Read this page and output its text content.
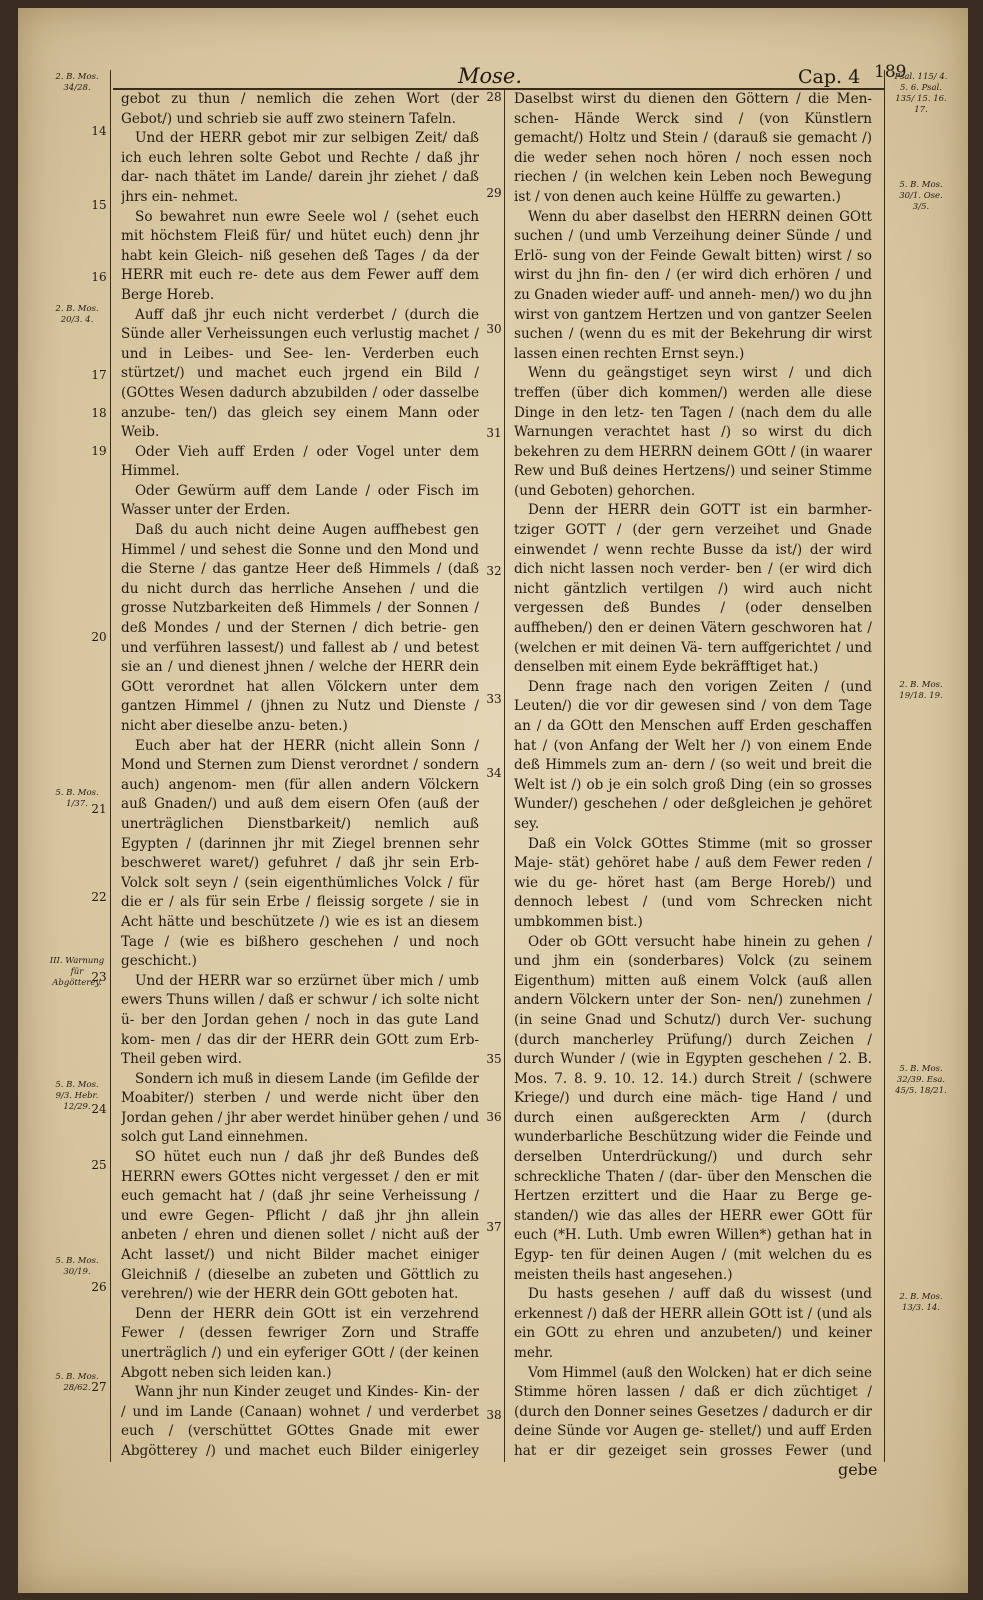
Mose.	Cap. 4 189
2. B. Mos. 34/28.
2. B. Mos. 20/3. 4.
5. B. Mos. 1/37.
III. Warnung für Abgötterey.
5. B. Mos. 9/3. Hebr. 12/29.
5. B. Mos. 30/19.
5. B. Mos. 28/62.
Psal. 115/ 4. 5. 6. Psal. 135/ 15. 16. 17.
5. B. Mos. 30/1. Ose. 3/5.
2. B. Mos. 19/18. 19.
5. B. Mos. 32/39. Esa. 45/5. 18/21.
2. B. Mos. 13/3. 14.
14
15
16
17
18
19
20
21
22
23
24
25
26
27
28
29
30
31
32
33
34
35
36
37
38

gebot zu thun / nemlich die zehen Wort (der Gebot/) und schrieb sie auff zwo steinern Tafeln.

Und der HERR gebot mir zur selbigen Zeit/ daß ich euch lehren solte Gebot und Rechte / daß jhr dar- nach thätet im Lande/ darein jhr ziehet / daß jhrs ein- nehmet.

So bewahret nun ewre Seele wol / (sehet euch mit höchstem Fleiß für/ und hütet euch) denn jhr habt kein Gleich- niß gesehen deß Tages / da der HERR mit euch re- dete aus dem Fewer auff dem Berge Horeb.

Auff daß jhr euch nicht verderbet / (durch die Sünde aller Verheissungen euch verlustig machet / und in Leibes- und See- len- Verderben euch stürtzet/) und machet euch jrgend ein Bild / (GOttes Wesen dadurch abzubilden / oder dasselbe anzube- ten/) das gleich sey einem Mann oder Weib.

Oder Vieh auff Erden / oder Vogel unter dem Himmel.

Oder Gewürm auff dem Lande / oder Fisch im Wasser unter der Erden.

Daß du auch nicht deine Augen auffhebest gen Himmel / und sehest die Sonne und den Mond und die Sterne / das gantze Heer deß Himmels / (daß du nicht durch das herrliche Ansehen / und die grosse Nutzbarkeiten deß Himmels / der Sonnen / deß Mondes / und der Sternen / dich betrie- gen und verführen lassest/) und fallest ab / und betest sie an / und dienest jhnen / welche der HERR dein GOtt verordnet hat allen Völckern unter dem gantzen Himmel / (jhnen zu Nutz und Dienste / nicht aber dieselbe anzu- beten.)

Euch aber hat der HERR (nicht allein Sonn / Mond und Sternen zum Dienst verordnet / sondern auch) angenom- men (für allen andern Völckern auß Gnaden/) und auß dem eisern Ofen (auß der unerträglichen Dienstbarkeit/) nemlich auß Egypten / (darinnen jhr mit Ziegel brennen sehr beschweret waret/) gefuhret / daß jhr sein Erb- Volck solt seyn / (sein eigenthümliches Volck / für die er / als für sein Erbe / fleissig sorgete / sie in Acht hätte und beschützete /) wie es ist an diesem Tage / (wie es bißhero geschehen / und noch geschicht.)

Und der HERR war so erzürnet über mich / umb ewers Thuns willen / daß er schwur / ich solte nicht ü- ber den Jordan gehen / noch in das gute Land kom- men / das dir der HERR dein GOtt zum Erb- Theil geben wird.

Sondern ich muß in diesem Lande (im Gefilde der Moabiter/) sterben / und werde nicht über den Jordan gehen / jhr aber werdet hinüber gehen / und solch gut Land einnehmen.

SO hütet euch nun / daß jhr deß Bundes deß HERRN ewers GOttes nicht vergesset / den er mit euch gemacht hat / (daß jhr seine Verheissung / und ewre Gegen- Pflicht / daß jhr jhn allein anbeten / ehren und dienen sollet / nicht auß der Acht lasset/) und nicht Bilder machet einiger Gleichniß / (dieselbe an zubeten und Göttlich zu verehren/) wie der HERR dein GOtt geboten hat.

Denn der HERR dein GOtt ist ein verzehrend Fewer / (dessen fewriger Zorn und Straffe unerträglich /) und ein eyferiger GOtt / (der keinen Abgott neben sich leiden kan.)

Wann jhr nun Kinder zeuget und Kindes- Kin- der / und im Lande (Canaan) wohnet / und verderbet euch / (verschüttet GOttes Gnade mit ewer Abgötterey /) und machet euch Bilder einigerley

Daselbst wirst du dienen den Göttern / die Men- schen- Hände Werck sind / (von Künstlern gemacht/) Holtz und Stein / (darauß sie gemacht /) die weder sehen noch hören / noch essen noch riechen / (in welchen kein Leben noch Bewegung ist / von denen auch keine Hülffe zu gewarten.)

Wenn du aber daselbst den HERRN deinen GOtt suchen / (und umb Verzeihung deiner Sünde / und Erlö- sung von der Feinde Gewalt bitten) wirst / so wirst du jhn fin- den / (er wird dich erhören / und zu Gnaden wieder auff- und anneh- men/) wo du jhn wirst von gantzem Hertzen und von gantzer Seelen suchen / (wenn du es mit der Bekehrung dir wirst lassen einen rechten Ernst seyn.)

Wenn du geängstiget seyn wirst / und dich treffen (über dich kommen/) werden alle diese Dinge in den letz- ten Tagen / (nach dem du alle Warnungen verachtet hast /) so wirst du dich bekehren zu dem HERRN deinem GOtt / (in waarer Rew und Buß deines Hertzens/) und seiner Stimme (und Geboten) gehorchen.

Denn der HERR dein GOTT ist ein barmher- tziger GOTT / (der gern verzeihet und Gnade einwendet / wenn rechte Busse da ist/) der wird dich nicht lassen noch verder- ben / (er wird dich nicht gäntzlich vertilgen /) wird auch nicht vergessen deß Bundes / (oder denselben auffheben/) den er deinen Vätern geschworen hat / (welchen er mit deinen Vä- tern auffgerichtet / und denselben mit einem Eyde bekräfftiget hat.)

Denn frage nach den vorigen Zeiten / (und Leuten/) die vor dir gewesen sind / von dem Tage an / da GOtt den Menschen auff Erden geschaffen hat / (von Anfang der Welt her /) von einem Ende deß Himmels zum an- dern / (so weit und breit die Welt ist /) ob je ein solch groß Ding (ein so grosses Wunder/) geschehen / oder deßgleichen je gehöret sey.

Daß ein Volck GOttes Stimme (mit so grosser Maje- stät) gehöret habe / auß dem Fewer reden / wie du ge- höret hast (am Berge Horeb/) und dennoch lebest / (und vom Schrecken nicht umbkommen bist.)

Oder ob GOtt versucht habe hinein zu gehen / und jhm ein (sonderbares) Volck (zu seinem Eigenthum) mitten auß einem Volck (auß allen andern Völckern unter der Son- nen/) zunehmen / (in seine Gnad und Schutz/) durch Ver- suchung (durch mancherley Prüfung/) durch Zeichen / durch Wunder / (wie in Egypten geschehen / 2. B. Mos. 7. 8. 9. 10. 12. 14.) durch Streit / (schwere Kriege/) und durch eine mäch- tige Hand / und durch einen außgereckten Arm / (durch wunderbarliche Beschützung wider die Feinde und derselben Unterdrückung/) und durch sehr schreckliche Thaten / (dar- über den Menschen die Hertzen erzittert und die Haar zu Berge ge- standen/) wie das alles der HERR ewer GOtt für euch (*H. Luth. Umb ewren Willen*) gethan hat in Egyp- ten für deinen Augen / (mit welchen du es meisten theils hast angesehen.)

Du hasts gesehen / auff daß du wissest (und erkennest /) daß der HERR allein GOtt ist / (und als ein GOtt zu ehren und anzubeten/) und keiner mehr.

Vom Himmel (auß den Wolcken) hat er dich seine Stimme hören lassen / daß er dich züchtiget / (durch den Donner seines Gesetzes / dadurch er dir deine Sünde vor Augen ge- stellet/) und auff Erden hat er dir gezeiget sein grosses Fewer (und

gebe
